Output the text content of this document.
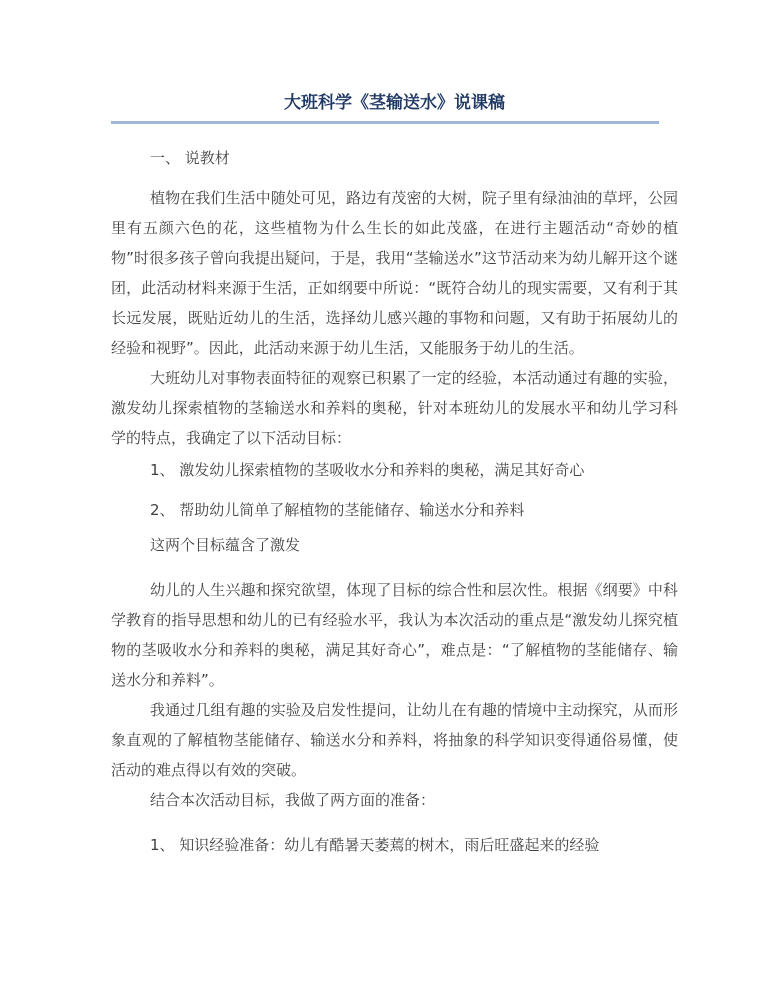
大班科学《茎输送水》说课稿

一、 说教材

植物在我们生活中随处可见，路边有茂密的大树，院子里有绿油油的草坪，公园里有五颜六色的花，这些植物为什么生长的如此茂盛，在进行主题活动“奇妙的植物”时很多孩子曾向我提出疑问，于是，我用“茎输送水”这节活动来为幼儿解开这个谜团，此活动材料来源于生活，正如纲要中所说：“既符合幼儿的现实需要，又有利于其长远发展，既贴近幼儿的生活，选择幼儿感兴趣的事物和问题，又有助于拓展幼儿的经验和视野”。因此，此活动来源于幼儿生活，又能服务于幼儿的生活。

大班幼儿对事物表面特征的观察已积累了一定的经验，本活动通过有趣的实验，激发幼儿探索植物的茎输送水和养料的奥秘，针对本班幼儿的发展水平和幼儿学习科学的特点，我确定了以下活动目标：

1、 激发幼儿探索植物的茎吸收水分和养料的奥秘，满足其好奇心

2、 帮助幼儿简单了解植物的茎能储存、输送水分和养料

这两个目标蕴含了激发

幼儿的人生兴趣和探究欲望，体现了目标的综合性和层次性。根据《纲要》中科学教育的指导思想和幼儿的已有经验水平，我认为本次活动的重点是“激发幼儿探究植物的茎吸收水分和养料的奥秘，满足其好奇心”，难点是：“了解植物的茎能储存、输送水分和养料”。

我通过几组有趣的实验及启发性提问，让幼儿在有趣的情境中主动探究，从而形象直观的了解植物茎能储存、输送水分和养料，将抽象的科学知识变得通俗易懂，使活动的难点得以有效的突破。

结合本次活动目标，我做了两方面的准备：

1、 知识经验准备：幼儿有酷暑天萎蔫的树木，雨后旺盛起来的经验
